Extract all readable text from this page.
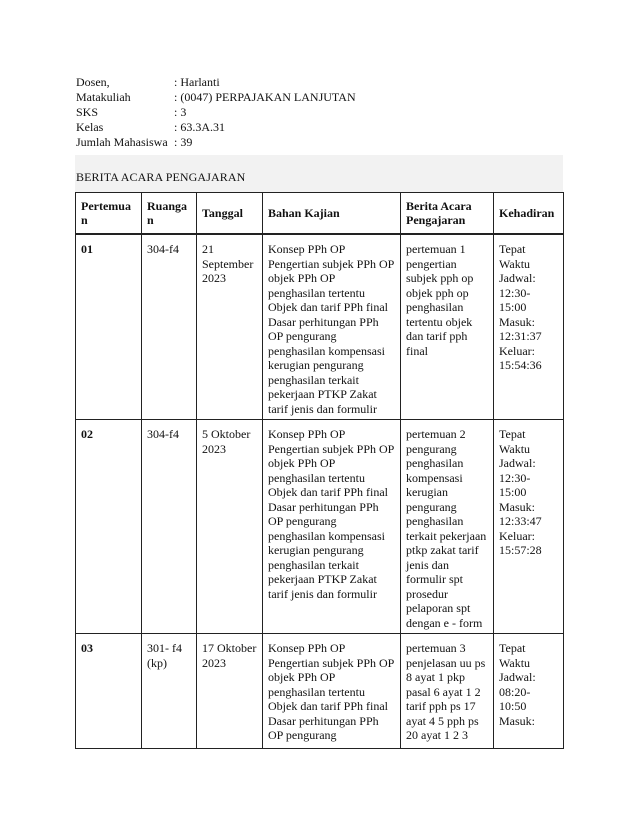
Dosen,	: Harlanti
Matakuliah	: (0047) PERPAJAKAN LANJUTAN
SKS	: 3
Kelas	: 63.3A.31
Jumlah Mahasiswa : 39
BERITA ACARA PENGAJARAN
Pertemuan	Ruangan	Tanggal	Bahan Kajian	Berita Acara Pengajaran	Kehadiran
01	304-f4	21 September 2023	Konsep PPh OP Pengertian subjek PPh OP objek PPh OP penghasilan tertentu Objek dan tarif PPh final Dasar perhitungan PPh OP pengurang penghasilan kompensasi kerugian pengurang penghasilan terkait pekerjaan PTKP Zakat tarif jenis dan formulir	pertemuan 1 pengertian subjek pph op objek pph op penghasilan tertentu objek dan tarif pph final	Tepat Waktu Jadwal: 12:30- 15:00 Masuk: 12:31:37 Keluar: 15:54:36
02	304-f4	5 Oktober 2023	Konsep PPh OP Pengertian subjek PPh OP objek PPh OP penghasilan tertentu Objek dan tarif PPh final Dasar perhitungan PPh OP pengurang penghasilan kompensasi kerugian pengurang penghasilan terkait pekerjaan PTKP Zakat tarif jenis dan formulir	pertemuan 2 pengurang penghasilan kompensasi kerugian pengurang penghasilan terkait pekerjaan ptkp zakat tarif jenis dan formulir spt prosedur pelaporan spt dengan e - form	Tepat Waktu Jadwal: 12:30- 15:00 Masuk: 12:33:47 Keluar: 15:57:28
03	301- f4 (kp)	17 Oktober 2023	Konsep PPh OP Pengertian subjek PPh OP objek PPh OP penghasilan tertentu Objek dan tarif PPh final Dasar perhitungan PPh OP pengurang	pertemuan 3 penjelasan uu ps 8 ayat 1 pkp pasal 6 ayat 1 2 tarif pph ps 17 ayat 4 5 pph ps 20 ayat 1 2 3	Tepat Waktu Jadwal: 08:20- 10:50 Masuk:
